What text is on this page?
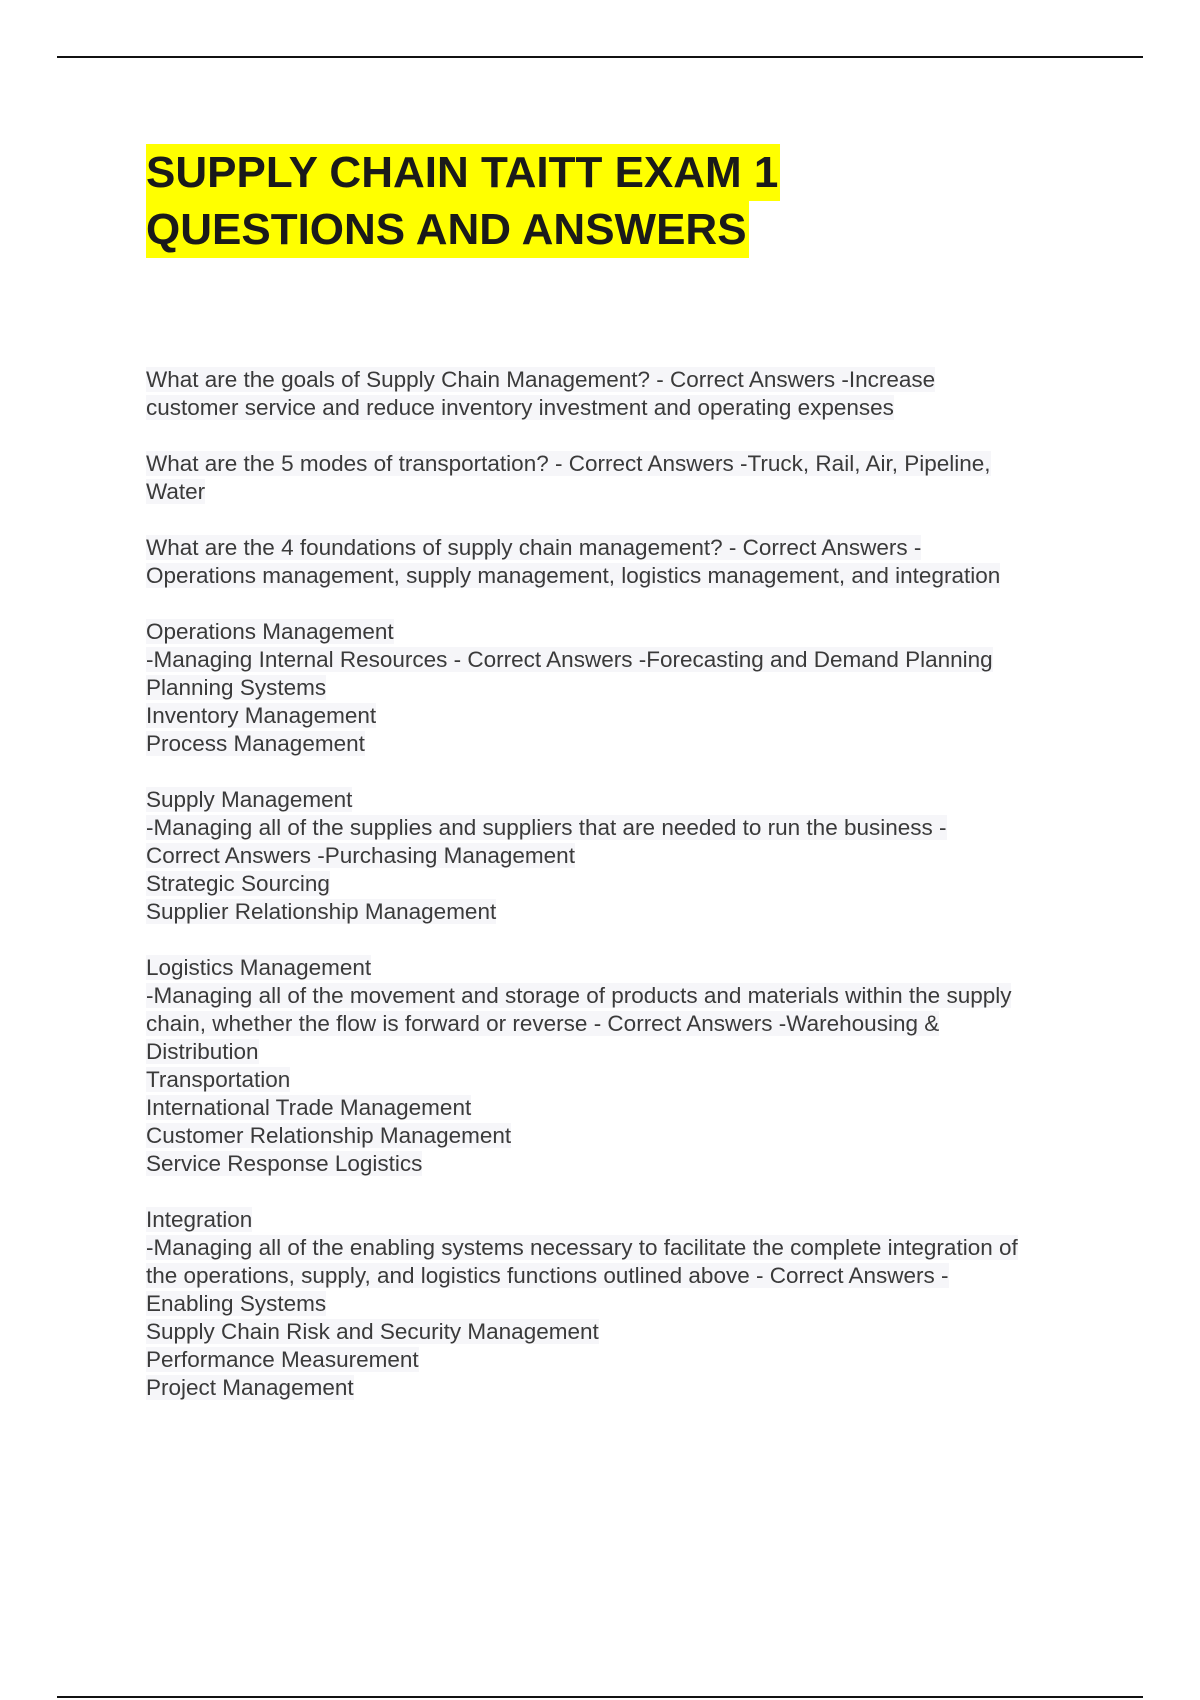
SUPPLY CHAIN TAITT EXAM 1
QUESTIONS AND ANSWERS
What are the goals of Supply Chain Management? - Correct Answers -Increase
customer service and reduce inventory investment and operating expenses
What are the 5 modes of transportation? - Correct Answers -Truck, Rail, Air, Pipeline,
Water
What are the 4 foundations of supply chain management? - Correct Answers -
Operations management, supply management, logistics management, and integration
Operations Management
-Managing Internal Resources - Correct Answers -Forecasting and Demand Planning
Planning Systems
Inventory Management
Process Management
Supply Management
-Managing all of the supplies and suppliers that are needed to run the business -
Correct Answers -Purchasing Management
Strategic Sourcing
Supplier Relationship Management
Logistics Management
-Managing all of the movement and storage of products and materials within the supply
chain, whether the flow is forward or reverse - Correct Answers -Warehousing &
Distribution
Transportation
International Trade Management
Customer Relationship Management
Service Response Logistics
Integration
-Managing all of the enabling systems necessary to facilitate the complete integration of
the operations, supply, and logistics functions outlined above - Correct Answers -
Enabling Systems
Supply Chain Risk and Security Management
Performance Measurement
Project Management
